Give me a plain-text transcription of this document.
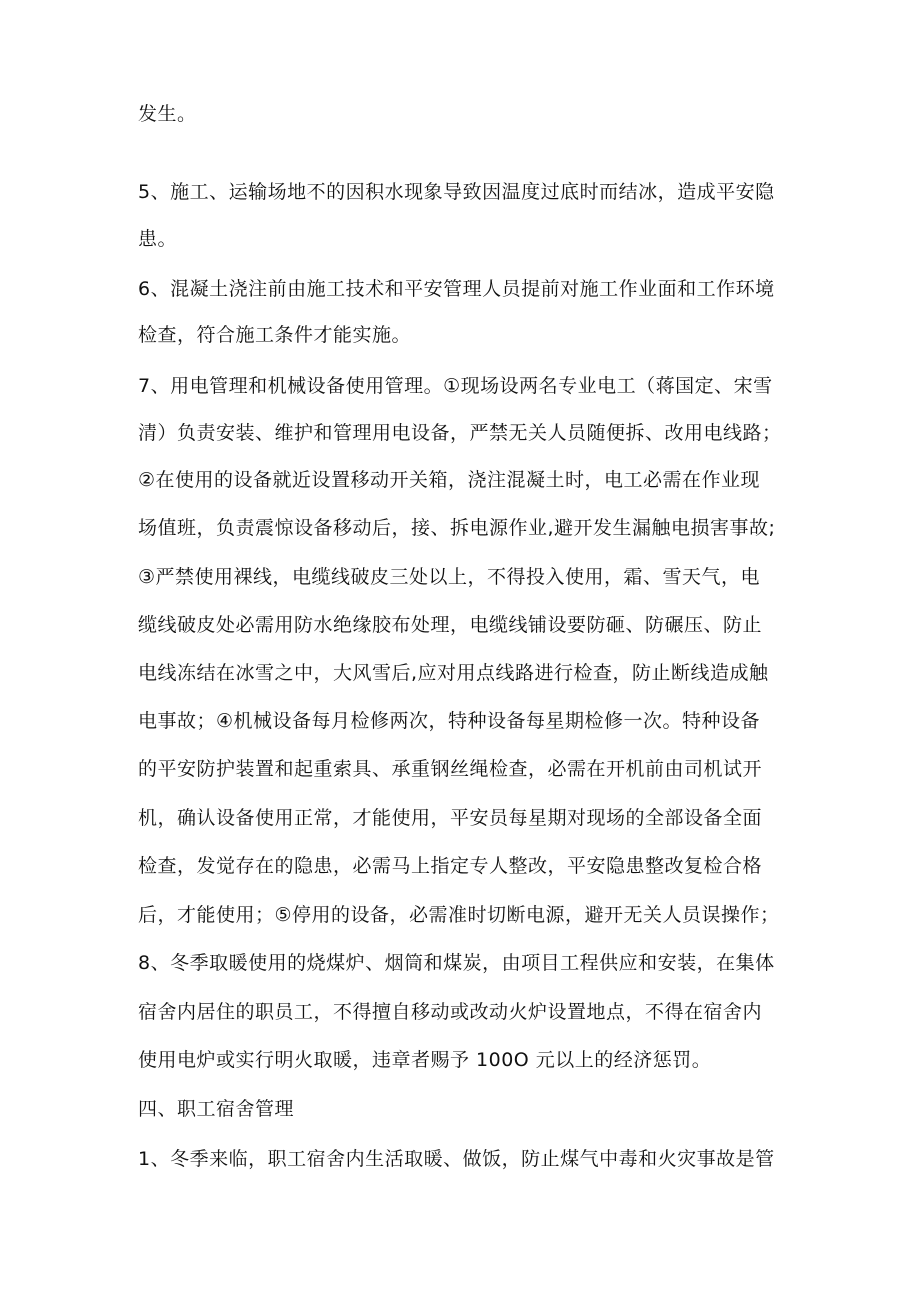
发生。
5、施工、运输场地不的因积水现象导致因温度过底时而结冰，造成平安隐
患。
6、混凝土浇注前由施工技术和平安管理人员提前对施工作业面和工作环境
检查，符合施工条件才能实施。
7、用电管理和机械设备使用管理。①现场设两名专业电工（蒋国定、宋雪
清）负责安装、维护和管理用电设备，严禁无关人员随便拆、改用电线路；
②在使用的设备就近设置移动开关箱，浇注混凝土时，电工必需在作业现
场值班，负责震惊设备移动后，接、拆电源作业,避开发生漏触电损害事故;
③严禁使用裸线，电缆线破皮三处以上，不得投入使用，霜、雪天气，电
缆线破皮处必需用防水绝缘胶布处理，电缆线铺设要防砸、防碾压、防止
电线冻结在冰雪之中，大风雪后,应对用点线路进行检查，防止断线造成触
电事故；④机械设备每月检修两次，特种设备每星期检修一次。特种设备
的平安防护装置和起重索具、承重钢丝绳检查，必需在开机前由司机试开
机，确认设备使用正常，才能使用，平安员每星期对现场的全部设备全面
检查，发觉存在的隐患，必需马上指定专人整改，平安隐患整改复检合格
后，才能使用；⑤停用的设备，必需准时切断电源，避开无关人员误操作；
8、冬季取暖使用的烧煤炉、烟筒和煤炭，由项目工程供应和安装，在集体
宿舍内居住的职员工，不得擅自移动或改动火炉设置地点，不得在宿舍内
使用电炉或实行明火取暖，违章者赐予 100O 元以上的经济惩罚。
四、职工宿舍管理
1、冬季来临，职工宿舍内生活取暖、做饭，防止煤气中毒和火灾事故是管
